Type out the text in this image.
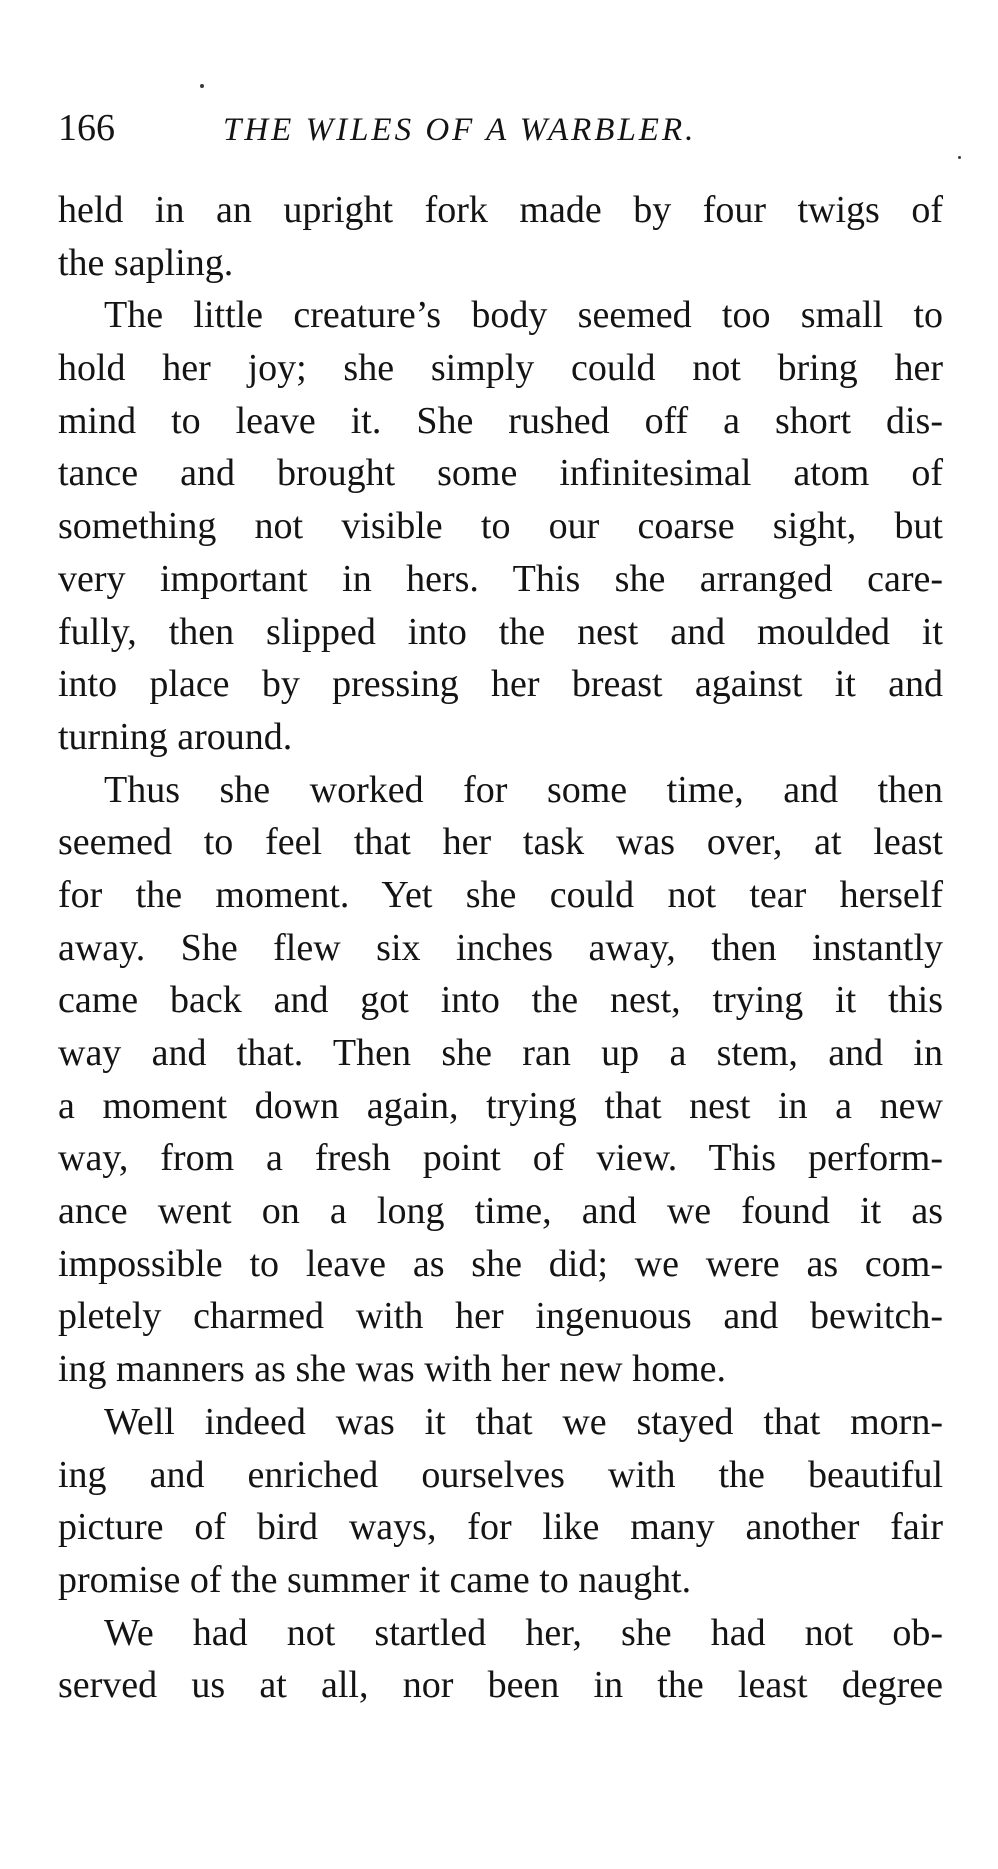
166	THE WILES OF A WARBLER.
held in an upright fork made by four twigs of
the sapling.
The little creature’s body seemed too small to
hold her joy; she simply could not bring her
mind to leave it. She rushed off a short dis-
tance and brought some infinitesimal atom of
something not visible to our coarse sight, but
very important in hers. This she arranged care-
fully, then slipped into the nest and moulded it
into place by pressing her breast against it and
turning around.
Thus she worked for some time, and then
seemed to feel that her task was over, at least
for the moment. Yet she could not tear herself
away. She flew six inches away, then instantly
came back and got into the nest, trying it this
way and that. Then she ran up a stem, and in
a moment down again, trying that nest in a new
way, from a fresh point of view. This perform-
ance went on a long time, and we found it as
impossible to leave as she did; we were as com-
pletely charmed with her ingenuous and bewitch-
ing manners as she was with her new home.
Well indeed was it that we stayed that morn-
ing and enriched ourselves with the beautiful
picture of bird ways, for like many another fair
promise of the summer it came to naught.
We had not startled her, she had not ob-
served us at all, nor been in the least degree
